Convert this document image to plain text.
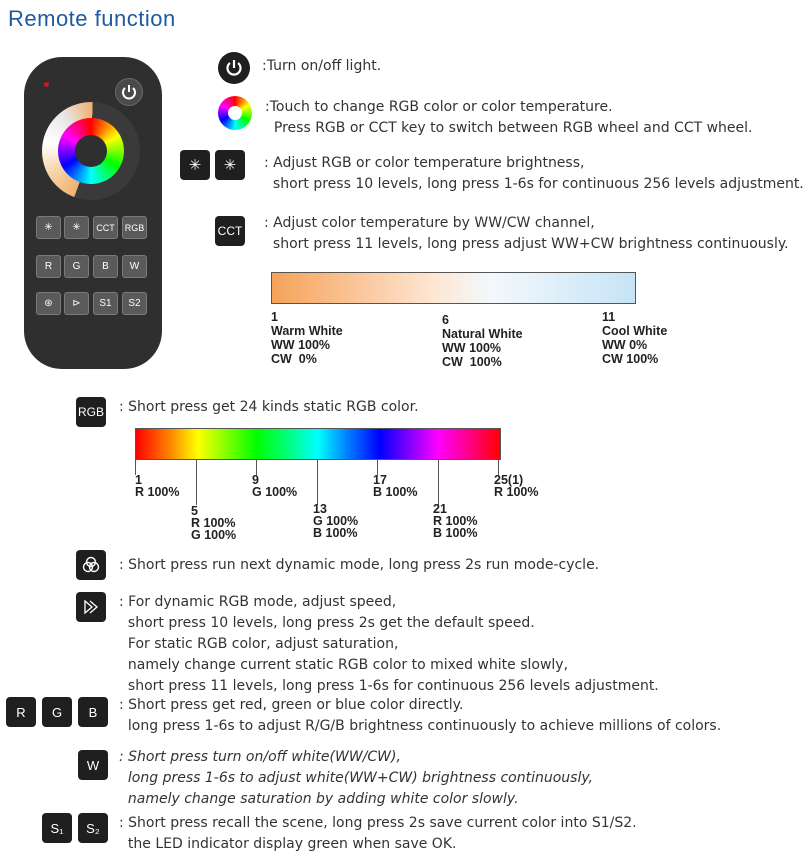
Remote function
✳	✳	CCT	RGB
R	G	B	W
⊛	⊳	S1	S2
:Turn on/off light.
:Touch to change RGB color or color temperature.
Press RGB or CCT key to switch between RGB wheel and CCT wheel.
✳	✳	: Adjust RGB or color temperature brightness,
short press 10 levels, long press 1-6s for continuous 256 levels adjustment.
CCT : Adjust color temperature by WW/CW channel,
short press 11 levels, long press adjust WW+CW brightness continuously.
1
Warm White
WW 100%
CW  0%
6
Natural White
WW 100%
CW  100%
11
Cool White
WW 0%
CW 100%
RGB : Short press get 24 kinds static RGB color.
1
R 100%
9
G 100%
17
B 100%
25(1)
R 100%
5
R 100%
G 100%
13
G 100%
B 100%
21
R 100%
B 100%
: Short press run next dynamic mode, long press 2s run mode-cycle.
: For dynamic RGB mode, adjust speed,
short press 10 levels, long press 2s get the default speed.
For static RGB color, adjust saturation,
namely change current static RGB color to mixed white slowly,
short press 11 levels, long press 1-6s for continuous 256 levels adjustment.
R	G	B	: Short press get red, green or blue color directly.
long press 1-6s to adjust R/G/B brightness continuously to achieve millions of colors.
W	: Short press turn on/off white(WW/CW),
long press 1-6s to adjust white(WW+CW) brightness continuously,
namely change saturation by adding white color slowly.
S₁	S₂	: Short press recall the scene, long press 2s save current color into S1/S2.
the LED indicator display green when save OK.
